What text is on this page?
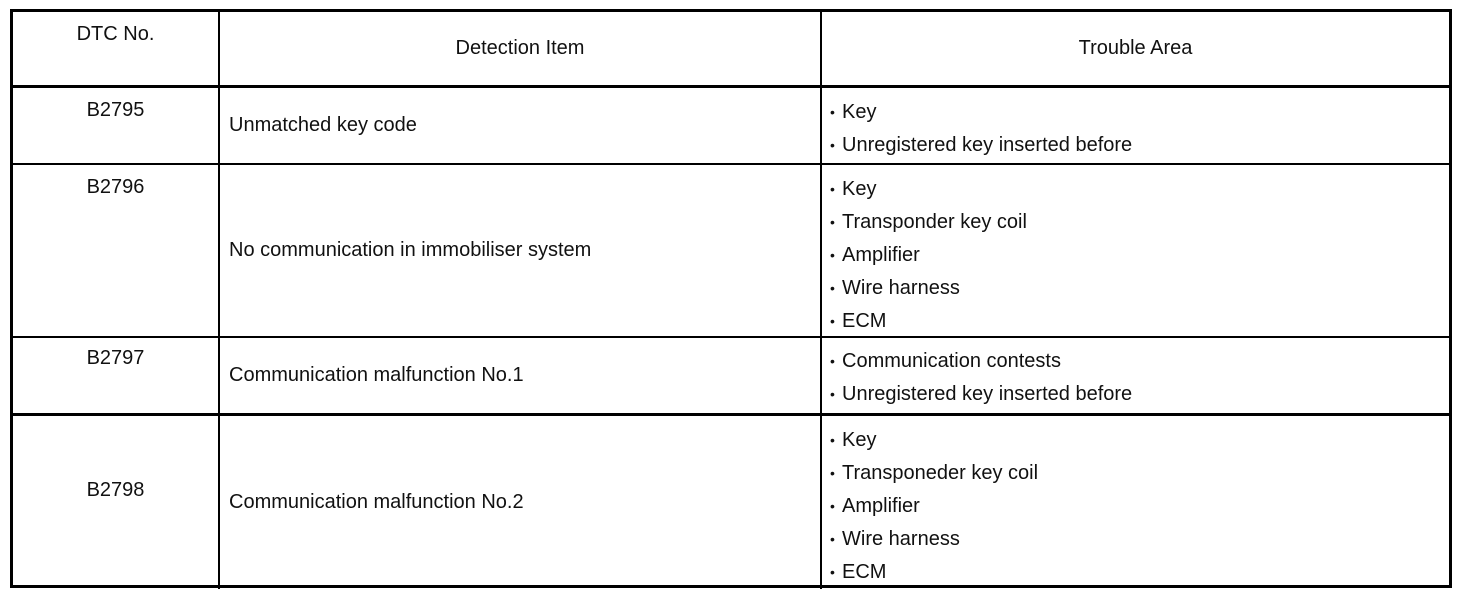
DTC No.
Detection Item	Trouble Area
B2795
Unmatched key code
• Key
• Unregistered key inserted before
B2796
No communication in immobiliser system
• Key
• Transponder key coil
• Amplifier
• Wire harness
• ECM
B2797
Communication malfunction No.1
• Communication contests
• Unregistered key inserted before
B2798
Communication malfunction No.2
• Key
• Transponeder key coil
• Amplifier
• Wire harness
• ECM
